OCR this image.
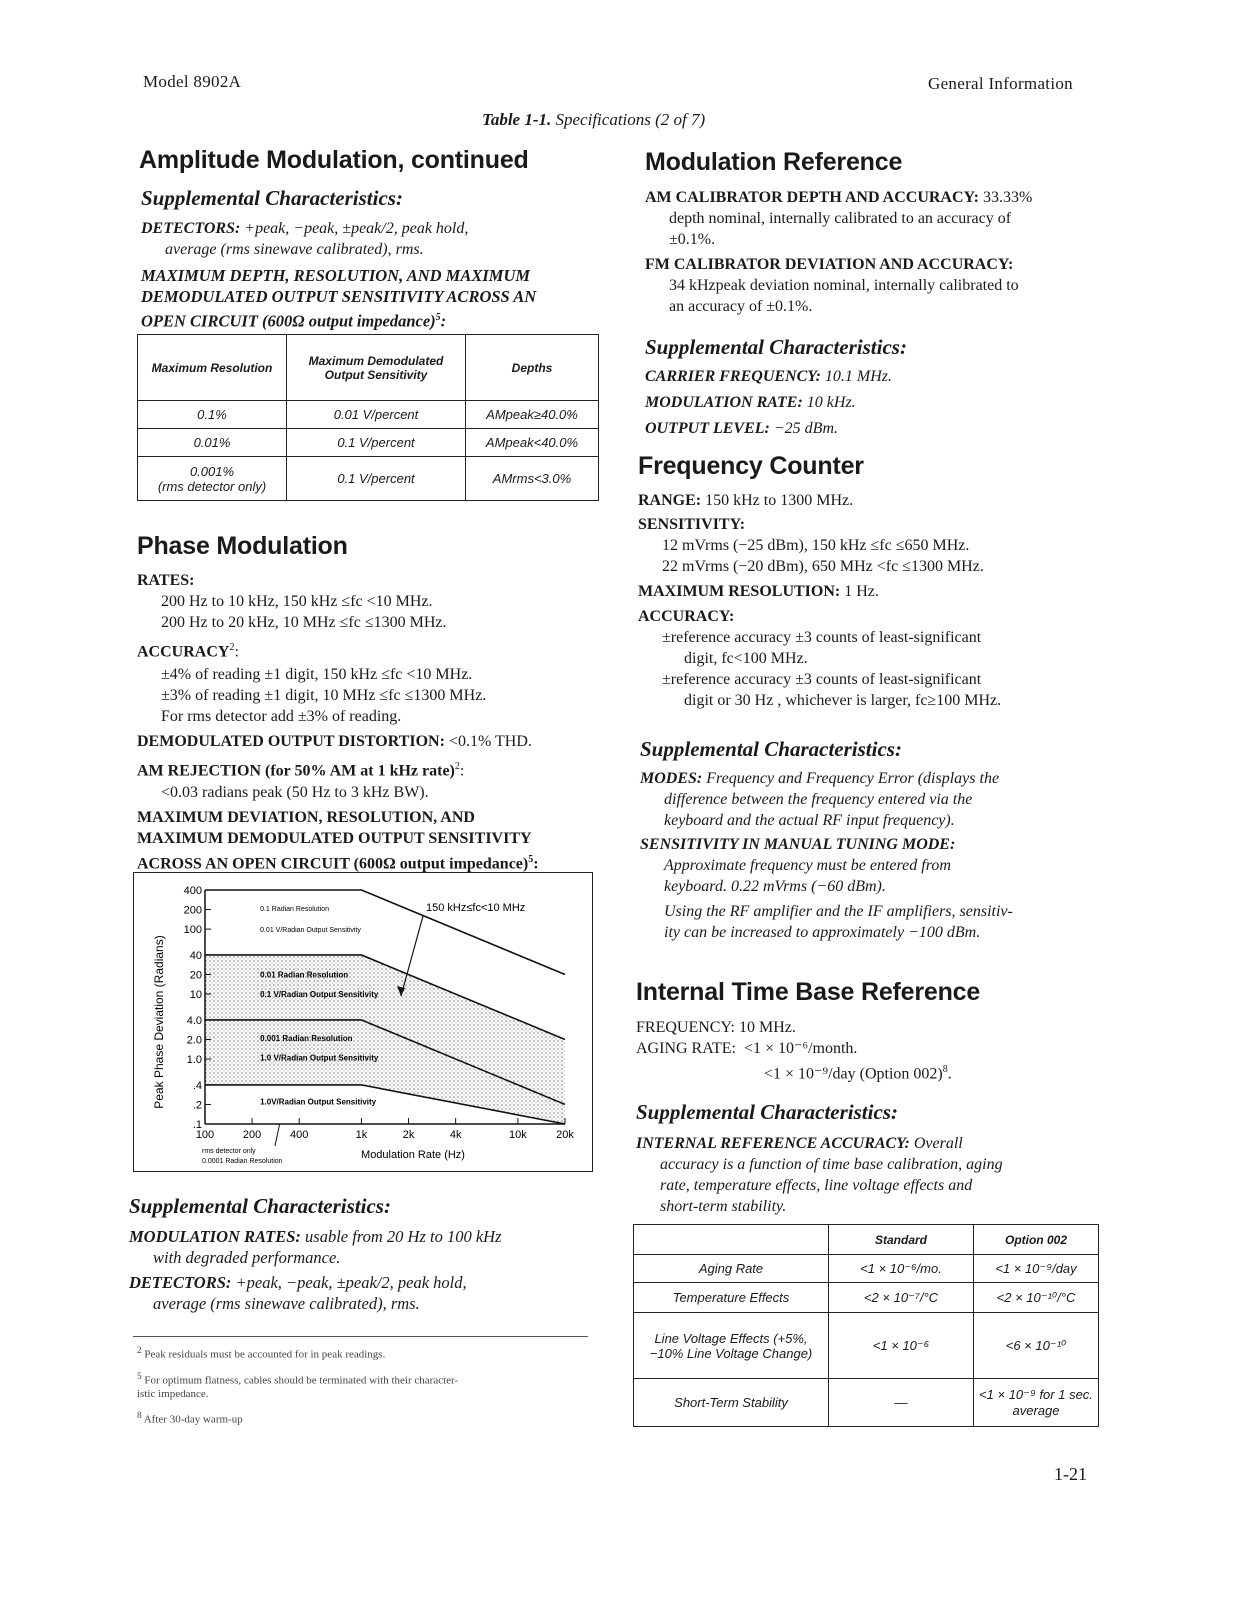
Model 8902A	General Information
Table 1-1. Specifications (2 of 7)
Amplitude Modulation, continued
Supplemental Characteristics:
DETECTORS: +peak, −peak, ±peak/2, peak hold,
average (rms sinewave calibrated), rms.
MAXIMUM DEPTH, RESOLUTION, AND MAXIMUM
DEMODULATED OUTPUT SENSITIVITY ACROSS AN
OPEN CIRCUIT (600Ω output impedance)$^5$:
Maximum Resolution	Maximum Demodulated Output Sensitivity	Depths
0.1%	0.01 V/percent	AMpeak≥40.0%
0.01%	0.1 V/percent	AMpeak<40.0%

0.001%
(rms detector only)	0.1 V/percent	AMrms<3.0%
Phase Modulation
RATES:
200 Hz to 10 kHz, 150 kHz ≤fc <10 MHz.
200 Hz to 20 kHz, 10 MHz ≤fc ≤1300 MHz.
$ACCURACY^2$:
±4% of reading ±1 digit, 150 kHz ≤fc <10 MHz.
±3% of reading ±1 digit, 10 MHz ≤fc ≤1300 MHz.
For rms detector add ±3% of reading.
DEMODULATED OUTPUT DISTORTION: <0.1% THD.
AM REJECTION (for 50% AM at 1 kHz rate)$^2$:
<0.03 radians peak (50 Hz to 3 kHz BW).
MAXIMUM DEVIATION, RESOLUTION, AND
MAXIMUM DEMODULATED OUTPUT SENSITIVITY
ACROSS AN OPEN CIRCUIT (600Ω output impedance)$^5$:
400
200
100
40
20
10
4.0
2.0
1.0
.4
.2
.1
100	200	400	1k	2k	4k	10k	20k
0.1 Radian Resolution
0.01 V/Radian Output Sensitivity
0.01 Radian Resolution
0.1 V/Radian Output Sensitivity
0.001 Radian Resolution
1.0 V/Radian Output Sensitivity
1.0V/Radian Output Sensitivity
Peak Phase Deviation (Radians)
Modulation Rate (Hz)
150 kHz≤fc<10 MHz
rms detector only
0.0001 Radian Resolution
Supplemental Characteristics:
MODULATION RATES: usable from 20 Hz to 100 kHz
with degraded performance.
DETECTORS: +peak, −peak, ±peak/2, peak hold,
average (rms sinewave calibrated), rms.
$^2$ Peak residuals must be accounted for in peak readings.
$^5$ For optimum flatness, cables should be terminated with their character-
istic impedance.
$^8$ After 30-day warm-up
Modulation Reference
AM CALIBRATOR DEPTH AND ACCURACY: 33.33%
depth nominal, internally calibrated to an accuracy of
±0.1%.
FM CALIBRATOR DEVIATION AND ACCURACY:
34 kHzpeak deviation nominal, internally calibrated to
an accuracy of ±0.1%.
Supplemental Characteristics:
CARRIER FREQUENCY: 10.1 MHz.
MODULATION RATE: 10 kHz.
OUTPUT LEVEL: −25 dBm.
Frequency Counter
RANGE: 150 kHz to 1300 MHz.
SENSITIVITY:
12 mVrms (−25 dBm), 150 kHz ≤fc ≤650 MHz.
22 mVrms (−20 dBm), 650 MHz <fc ≤1300 MHz.
MAXIMUM RESOLUTION: 1 Hz.
ACCURACY:
±reference accuracy ±3 counts of least-significant
digit, fc<100 MHz.
±reference accuracy ±3 counts of least-significant
digit or 30 Hz , whichever is larger, fc≥100 MHz.
Supplemental Characteristics:
MODES: Frequency and Frequency Error (displays the
difference between the frequency entered via the
keyboard and the actual RF input frequency).
SENSITIVITY IN MANUAL TUNING MODE:
Approximate frequency must be entered from
keyboard. 0.22 mVrms (−60 dBm).
Using the RF amplifier and the IF amplifiers, sensitiv-
ity can be increased to approximately −100 dBm.
Internal Time Base Reference
FREQUENCY: 10 MHz.
AGING RATE: <1 × 10⁻⁶/month.
<1 × 10⁻⁹/day (Option 002)$^8$.
Supplemental Characteristics:
INTERNAL REFERENCE ACCURACY: Overall
accuracy is a function of time base calibration, aging
rate, temperature effects, line voltage effects and
short-term stability.
	Standard	Option 002
Aging Rate	<1 × 10⁻⁶/mo.	<1 × 10⁻⁹/day
Temperature Effects	<2 × 10⁻⁷/°C	<2 × 10⁻¹⁰/°C
Line Voltage Effects (+5%, −10% Line Voltage Change)	<1 × 10⁻⁶	<6 × 10⁻¹⁰
Short-Term Stability	—	<1 × 10⁻⁹ for 1 sec. average
1-21
